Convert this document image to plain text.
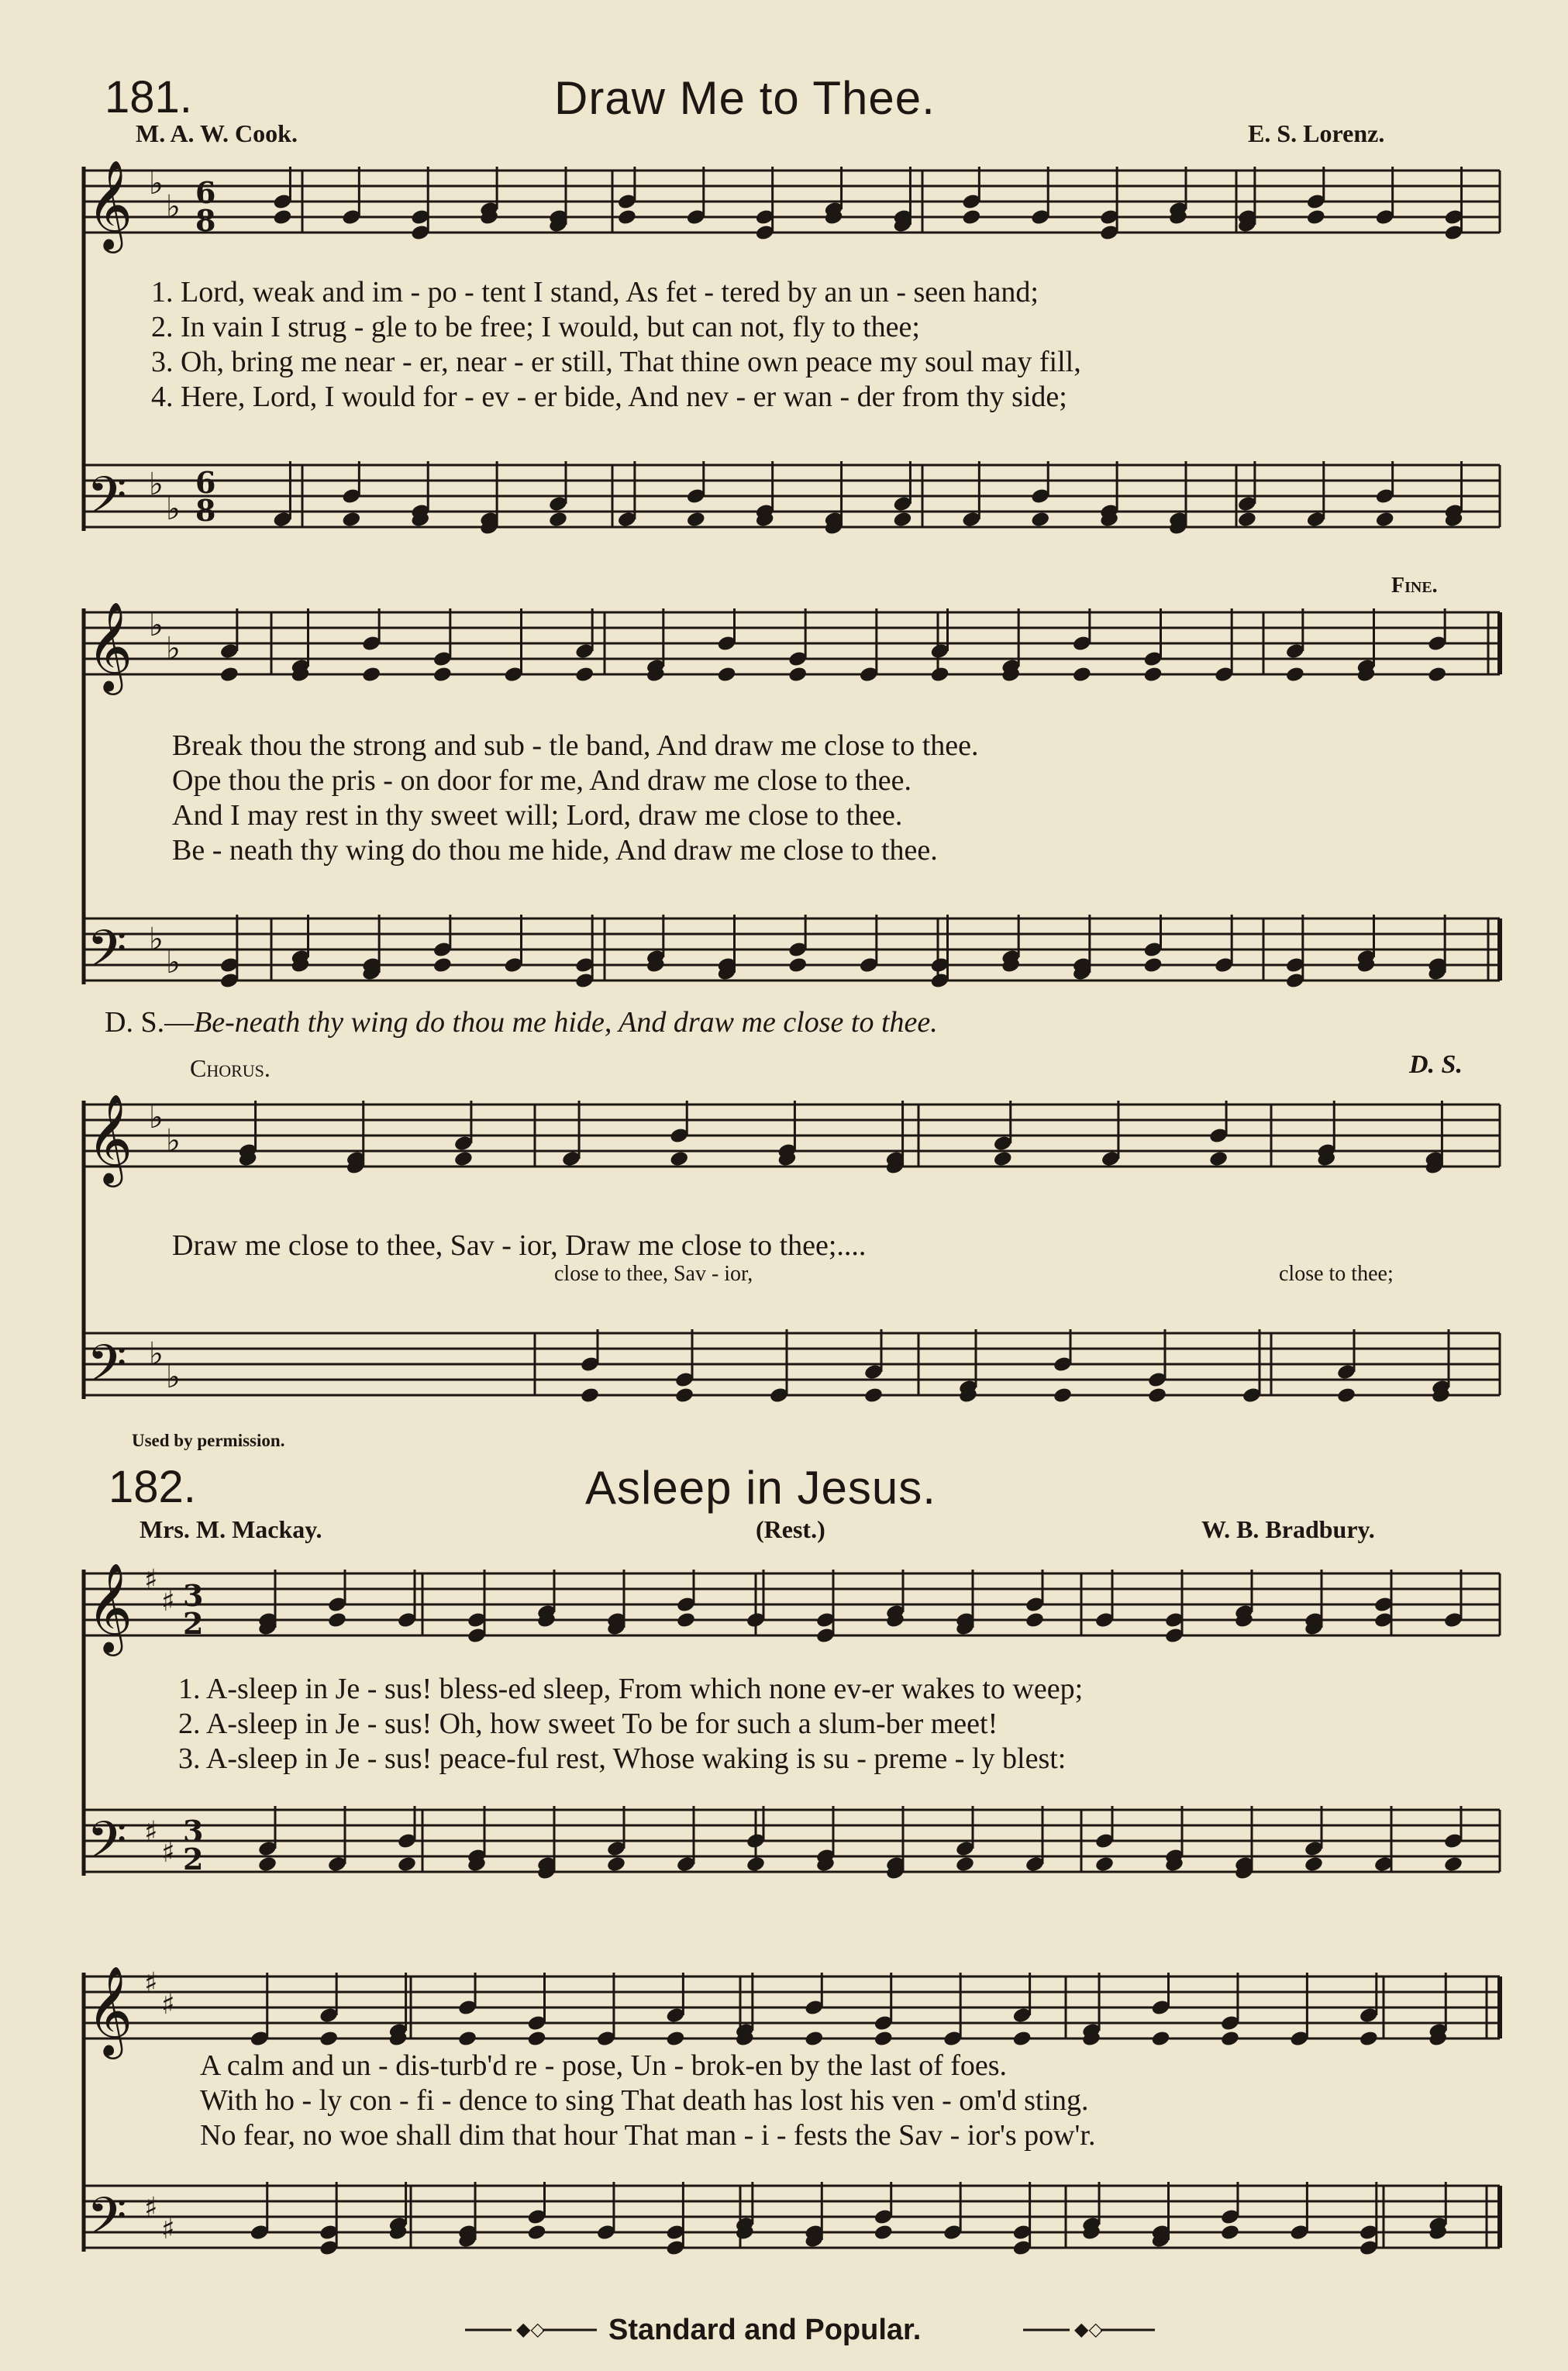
181.	Draw Me to Thee.
M. A. W. Cook.	E. S. Lorenz.
𝄞
𝄢
𝄞
𝄢
𝄞
𝄢
𝄞
𝄢
𝄞
𝄢
♭
♭ 6
8
♭
♭
6
8
♭
♭
♭
♭
♭
♭
♭
♭
♯
♯ 3
2
♯
♯
3
2
♯
♯
♯
♯
1. Lord, weak and im - po - tent I stand, As fet - tered by an un - seen hand;
2. In vain I strug - gle to be free; I would, but can not, fly to thee;
3. Oh, bring me near - er, near - er still, That thine own peace my soul may fill,
4. Here, Lord, I would for - ev - er bide, And nev - er wan - der from thy side;
Fine.
Break thou the strong and sub - tle band, And draw me close to thee.
Ope thou the pris - on door for me, And draw me close to thee.
And I may rest in thy sweet will; Lord, draw me close to thee.
Be - neath thy wing do thou me hide, And draw me close to thee.
D. S.—Be-neath thy wing do thou me hide, And draw me close to thee.
Chorus.	D. S.
Draw me close to thee, Sav - ior, Draw me close to thee;....
close to thee, Sav - ior,	close to thee;
Used by permission.
182.	Asleep in Jesus.
Mrs. M. Mackay.	(Rest.)	W. B. Bradbury.
1. A-sleep in Je - sus! bless-ed sleep, From which none ev-er wakes to weep;
2. A-sleep in Je - sus! Oh, how sweet To be for such a slum-ber meet!
3. A-sleep in Je - sus! peace-ful rest, Whose waking is su - preme - ly blest:
A calm and un - dis-turb'd re - pose, Un - brok-en by the last of foes.
With ho - ly con - fi - dence to sing That death has lost his ven - om'd sting.
No fear, no woe shall dim that hour That man - i - fests the Sav - ior's pow'r.
Standard and Popular.
◆◇	◆◇
